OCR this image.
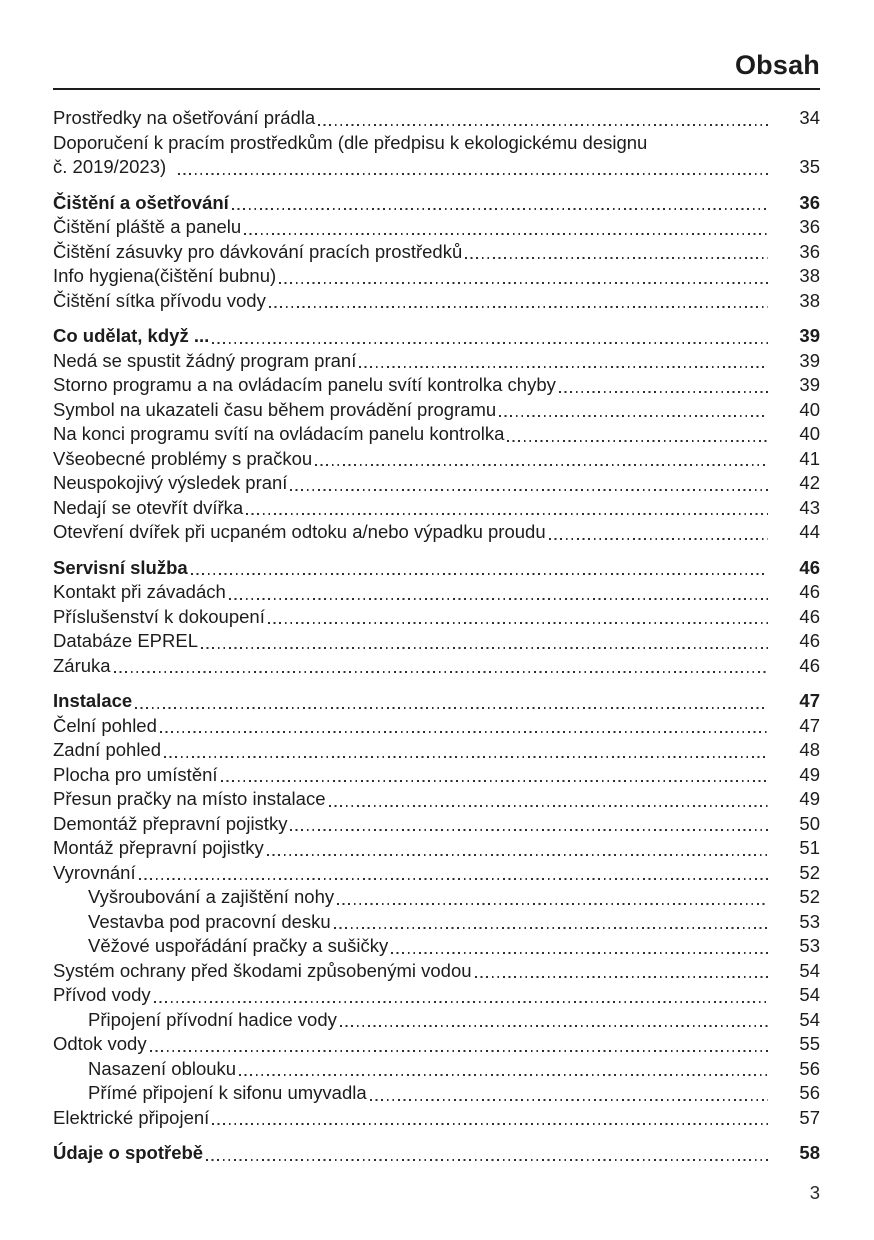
Obsah
Prostředky na ošetřování prádla	34
Doporučení k pracím prostředkům (dle předpisu k ekologickému designu
č. 2019/2023)	35
Čištění a ošetřování	36
Čištění pláště a panelu	36
Čištění zásuvky pro dávkování pracích prostředků	36
Info hygiena(čištění bubnu)	38
Čištění sítka přívodu vody	38
Co udělat, když ...	39
Nedá se spustit žádný program praní	39
Storno programu a na ovládacím panelu svítí kontrolka chyby	39
Symbol na ukazateli času během provádění programu	40
Na konci programu svítí na ovládacím panelu kontrolka	40
Všeobecné problémy s pračkou	41
Neuspokojivý výsledek praní	42
Nedají se otevřít dvířka	43
Otevření dvířek při ucpaném odtoku a/nebo výpadku proudu	44
Servisní služba	46
Kontakt při závadách	46
Příslušenství k dokoupení	46
Databáze EPREL	46
Záruka	46
Instalace	47
Čelní pohled	47
Zadní pohled	48
Plocha pro umístění	49
Přesun pračky na místo instalace	49
Demontáž přepravní pojistky	50
Montáž přepravní pojistky	51
Vyrovnání	52
Vyšroubování a zajištění nohy	52
Vestavba pod pracovní desku	53
Věžové uspořádání pračky a sušičky	53
Systém ochrany před škodami způsobenými vodou	54
Přívod vody	54
Připojení přívodní hadice vody	54
Odtok vody	55
Nasazení oblouku	56
Přímé připojení k sifonu umyvadla	56
Elektrické připojení	57
Údaje o spotřebě	58
3
